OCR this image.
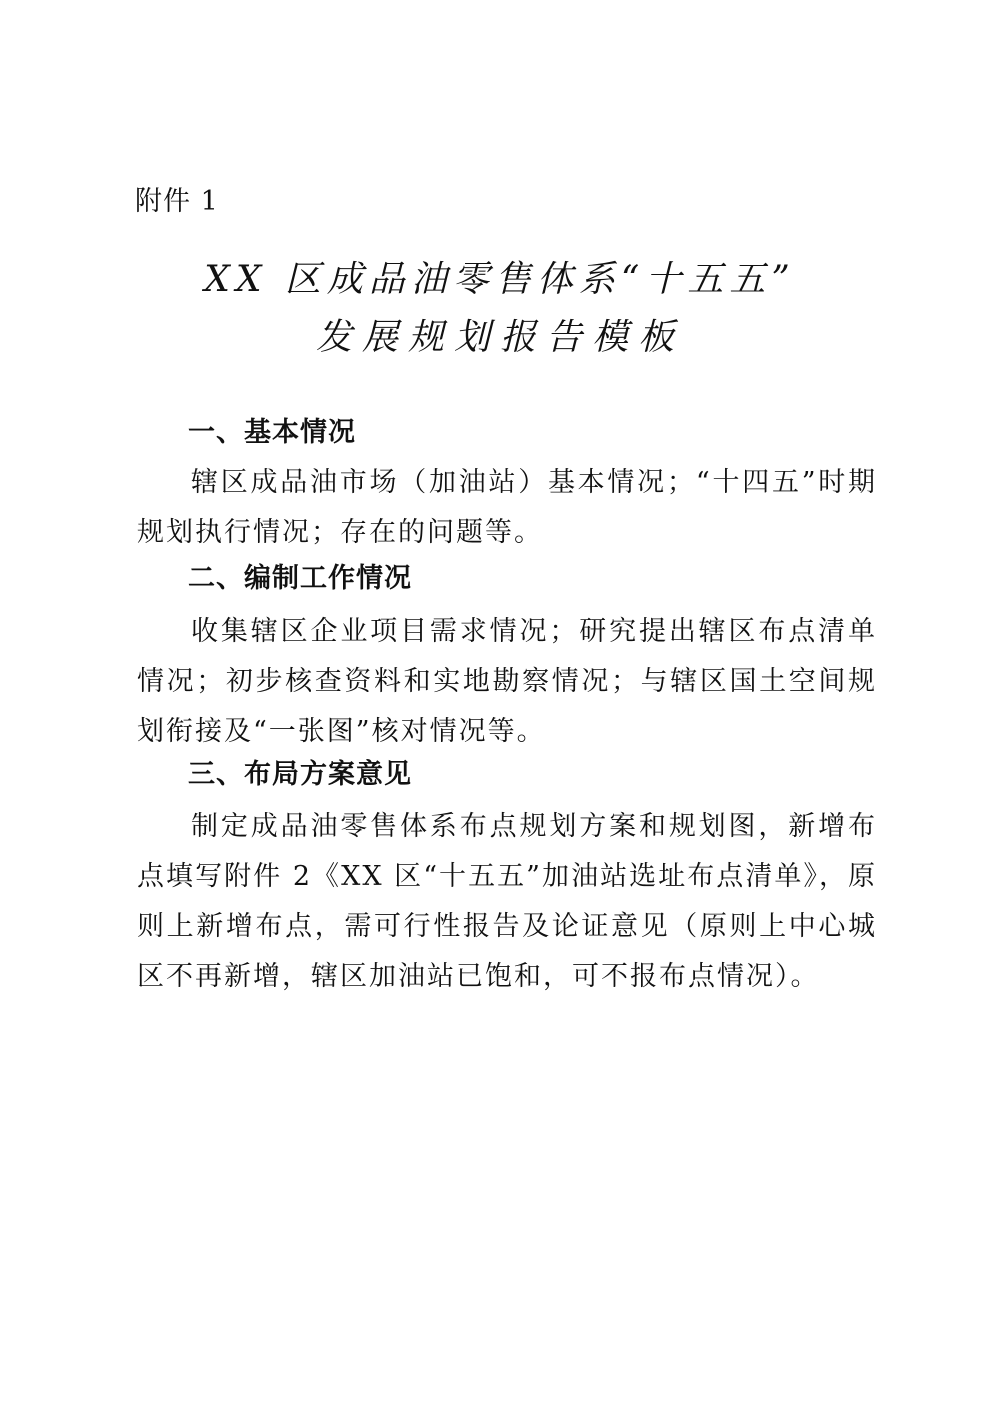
附件 1
XX 区成品油零售体系“十五五”
发展规划报告模板
一、基本情况

辖区成品油市场（加油站）基本情况；“十四五”时期规划执行情况；存在的问题等。

二、编制工作情况

收集辖区企业项目需求情况；研究提出辖区布点清单情况；初步核查资料和实地勘察情况；与辖区国土空间规划衔接及“一张图”核对情况等。

三、布局方案意见

制定成品油零售体系布点规划方案和规划图，新增布点填写附件 2《XX 区“十五五”加油站选址布点清单》，原则上新增布点，需可行性报告及论证意见（原则上中心城区不再新增，辖区加油站已饱和，可不报布点情况）。
